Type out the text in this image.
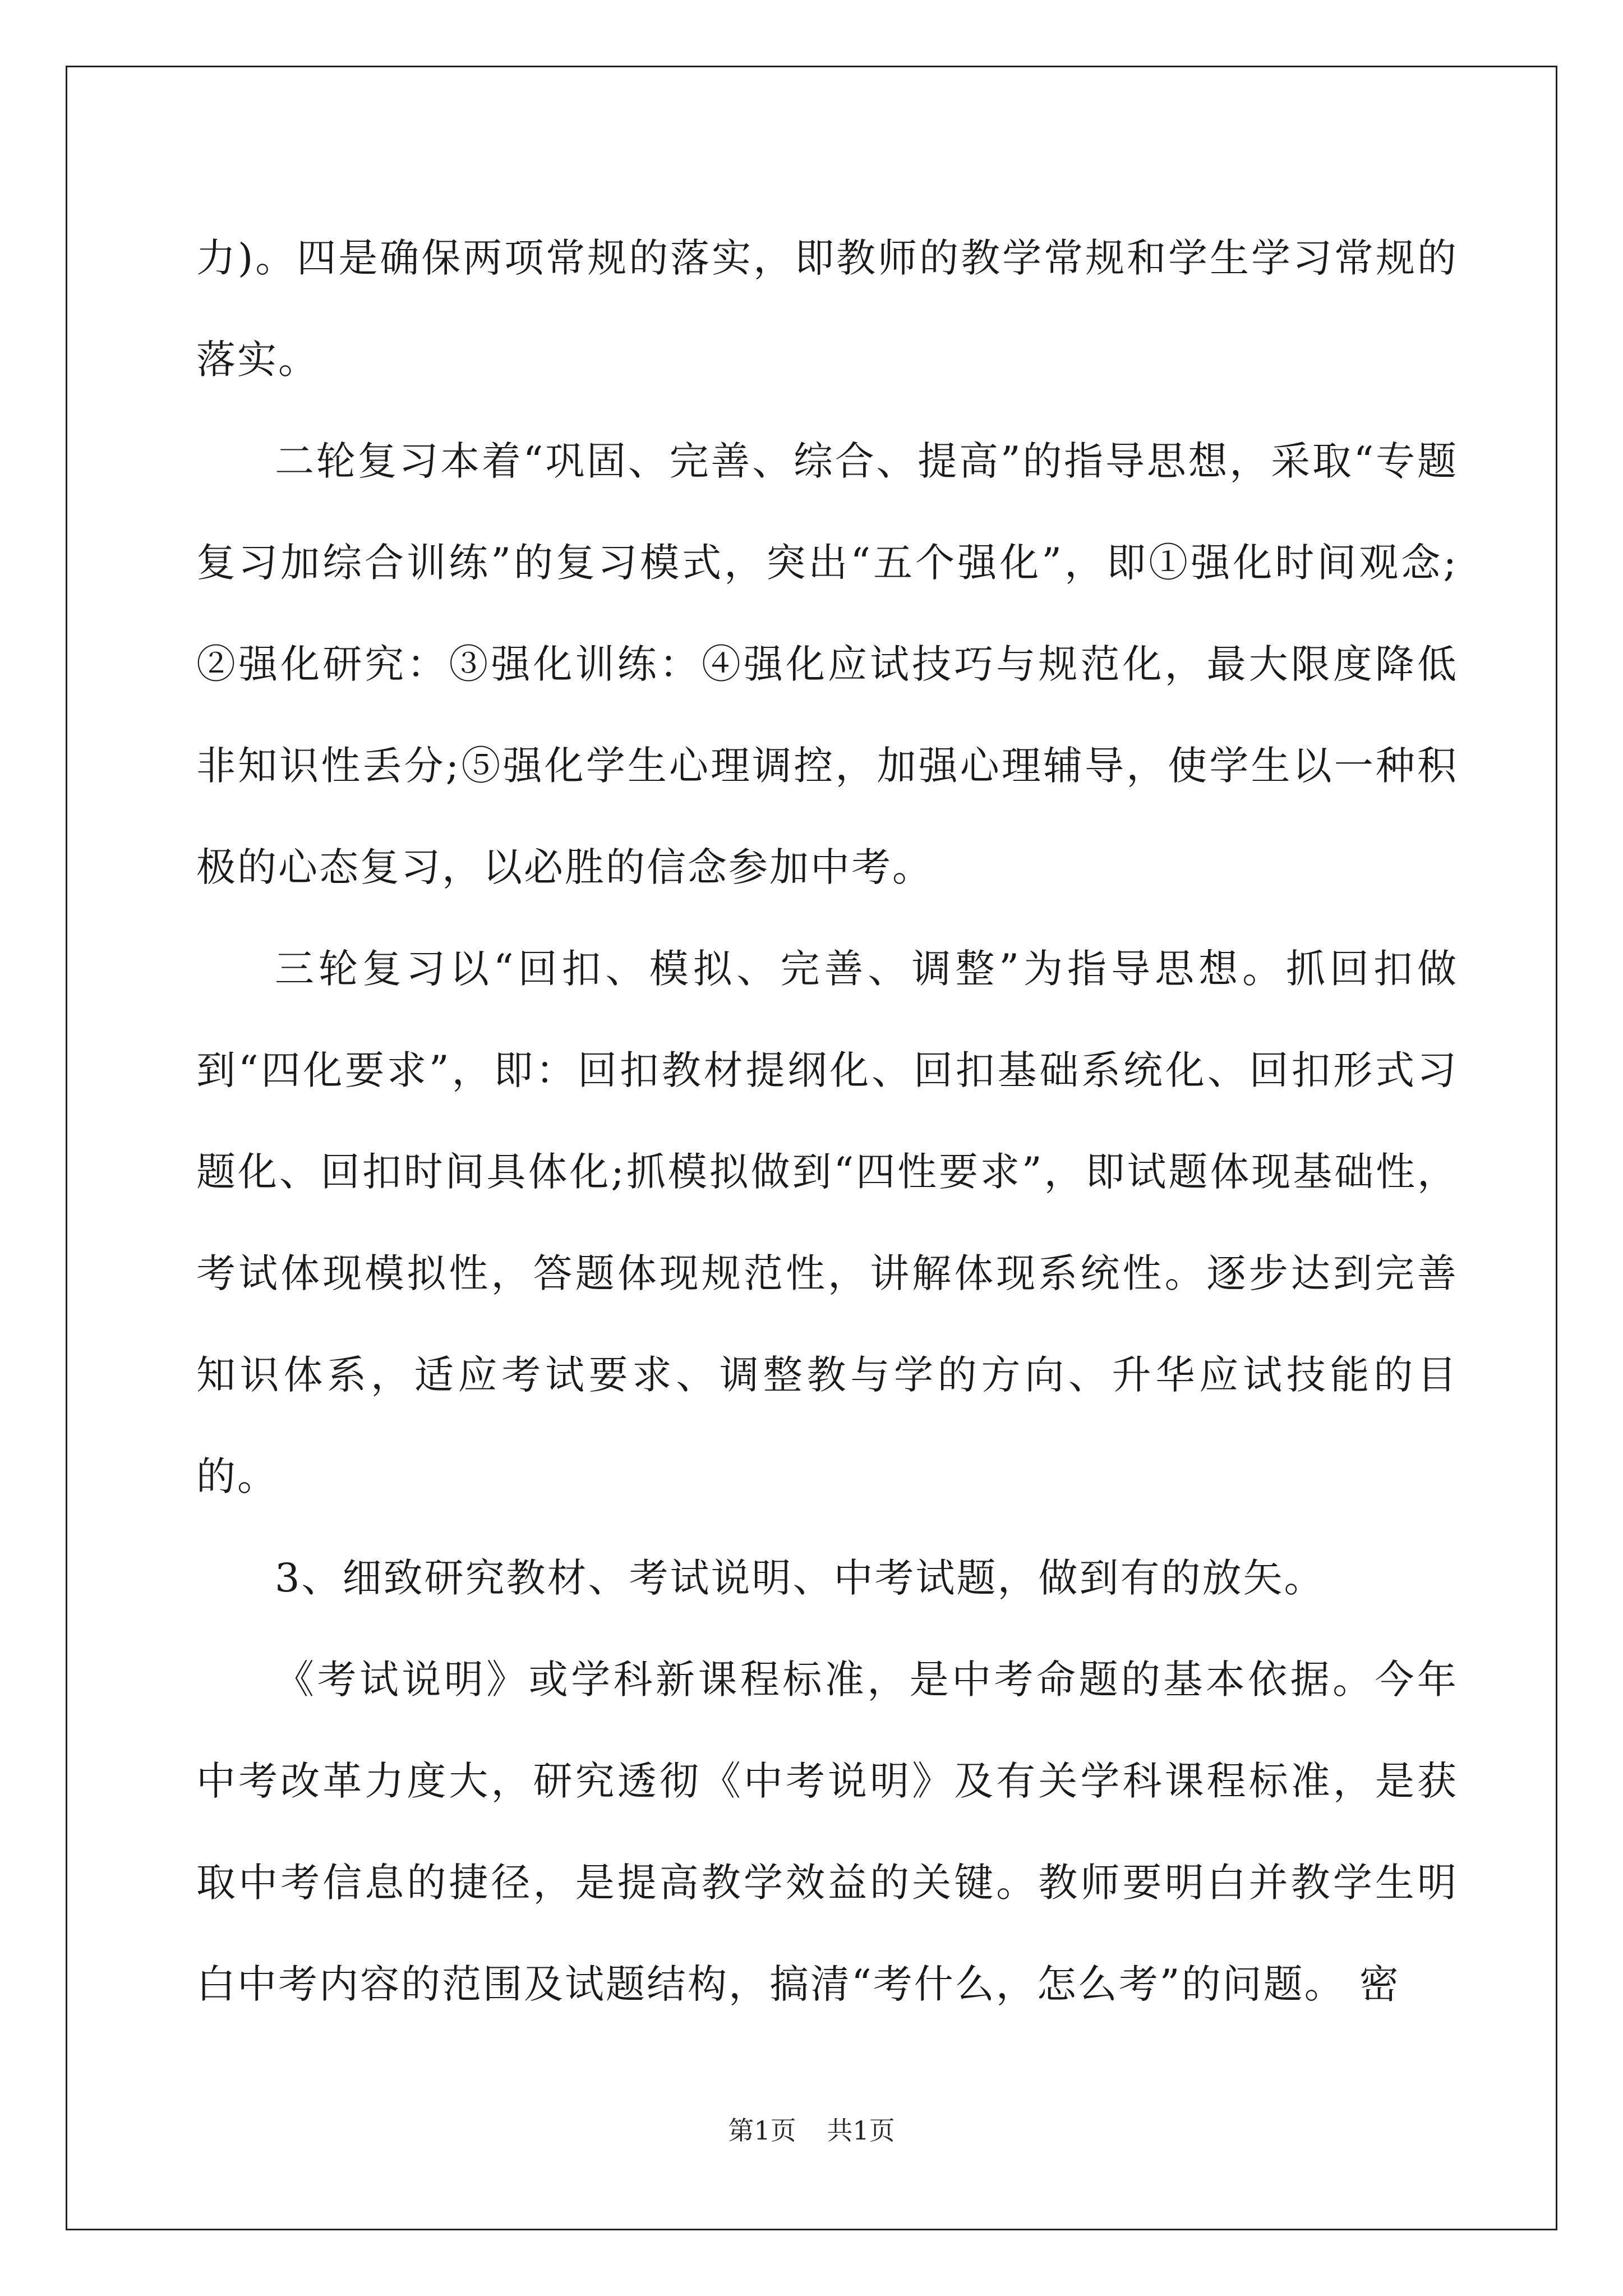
力)。四是确保两项常规的落实，即教师的教学常规和学生学习常规的落实。

二轮复习本着“巩固、完善、综合、提高”的指导思想，采取“专题复习加综合训练”的复习模式，突出“五个强化”，即①强化时间观念;②强化研究：③强化训练：④强化应试技巧与规范化，最大限度降低非知识性丢分;⑤强化学生心理调控，加强心理辅导，使学生以一种积极的心态复习，以必胜的信念参加中考。

三轮复习以“回扣、模拟、完善、调整”为指导思想。抓回扣做到“四化要求”，即：回扣教材提纲化、回扣基础系统化、回扣形式习题化、回扣时间具体化;抓模拟做到“四性要求”，即试题体现基础性，考试体现模拟性，答题体现规范性，讲解体现系统性。逐步达到完善知识体系，适应考试要求、调整教与学的方向、升华应试技能的目的。

3、细致研究教材、考试说明、中考试题，做到有的放矢。

《考试说明》或学科新课程标准，是中考命题的基本依据。今年中考改革力度大，研究透彻《中考说明》及有关学科课程标准，是获取中考信息的捷径，是提高教学效益的关键。教师要明白并教学生明白中考内容的范围及试题结构，搞清“考什么，怎么考”的问题。 密

第1页 共1页
